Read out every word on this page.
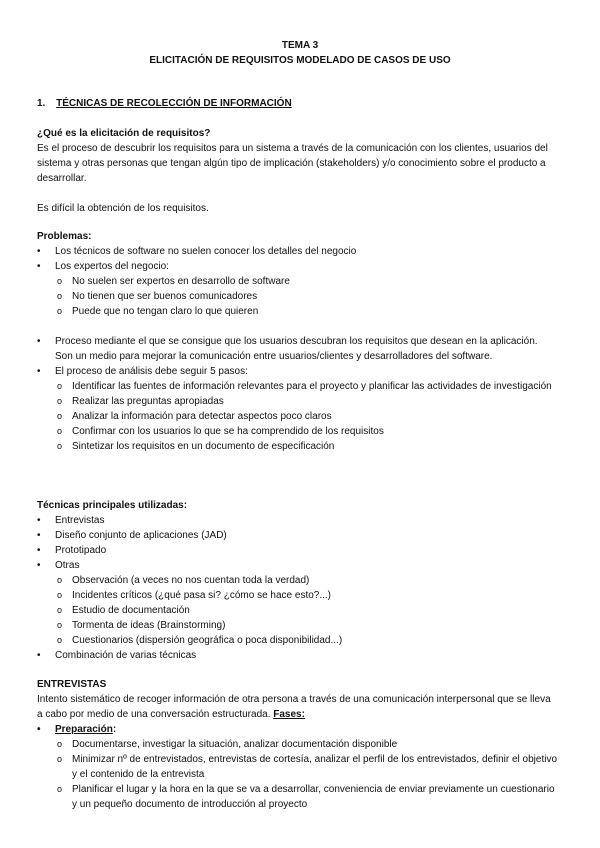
TEMA 3
ELICITACIÓN DE REQUISITOS MODELADO DE CASOS DE USO
1. TÉCNICAS DE RECOLECCIÓN DE INFORMACIÓN
¿Qué es la elicitación de requisitos?
Es el proceso de descubrir los requisitos para un sistema a través de la comunicación con los clientes, usuarios del sistema y otras personas que tengan algún tipo de implicación (stakeholders) y/o conocimiento sobre el producto a desarrollar.
Es difícil la obtención de los requisitos.
Problemas:
• Los técnicos de software no suelen conocer los detalles del negocio
• Los expertos del negocio:
o No suelen ser expertos en desarrollo de software
o No tienen que ser buenos comunicadores
o Puede que no tengan claro lo que quieren
• Proceso mediante el que se consigue que los usuarios descubran los requisitos que desean en la aplicación. Son un medio para mejorar la comunicación entre usuarios/clientes y desarrolladores del software.
• El proceso de análisis debe seguir 5 pasos:
o Identificar las fuentes de información relevantes para el proyecto y planificar las actividades de investigación
o Realizar las preguntas apropiadas
o Analizar la información para detectar aspectos poco claros
o Confirmar con los usuarios lo que se ha comprendido de los requisitos
o Sintetizar los requisitos en un documento de especificación
Técnicas principales utilizadas:
• Entrevistas
• Diseño conjunto de aplicaciones (JAD)
• Prototipado
• Otras
o Observación (a veces no nos cuentan toda la verdad)
o Incidentes críticos (¿qué pasa si? ¿cómo se hace esto?...)
o Estudio de documentación
o Tormenta de ideas (Brainstorming)
o Cuestionarios (dispersión geográfica o poca disponibilidad...)
• Combinación de varias técnicas
ENTREVISTAS
Intento sistemático de recoger información de otra persona a través de una comunicación interpersonal que se lleva a cabo por medio de una conversación estructurada. Fases:
• Preparación:
o Documentarse, investigar la situación, analizar documentación disponible
o Minimizar nº de entrevistados, entrevistas de cortesía, analizar el perfil de los entrevistados, definir el objetivo y el contenido de la entrevista
o Planificar el lugar y la hora en la que se va a desarrollar, conveniencia de enviar previamente un cuestionario y un pequeño documento de introducción al proyecto
